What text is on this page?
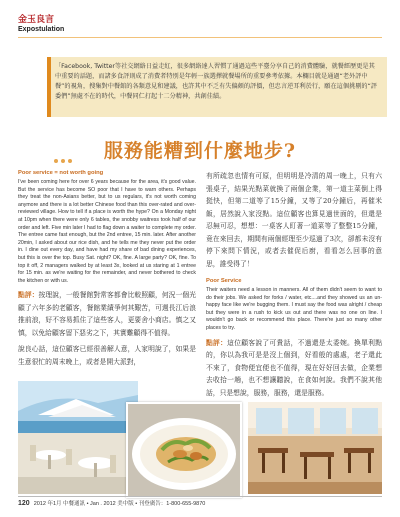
金玉良言
Expostulation
「Facebook, Twitter等社交網絡日益走紅，很多網絡達人習慣了通過這些平臺分享自己的消費體驗，就餐經歷更是其中重要的話題，而諸多食評則成了消費者特別是年輕一族選擇就餐場所的重要參考依據。本欄目就是通過“老外評中餐”的視角，搜集對中餐館的各類意見和建議，也許其中不乏有失偏頗的評價，但忠言逆耳利於行，願在這個挑剔的“評委們”無處不在的時代，中餐同仁打起十二分精神，共創佳績。
服務能糟到什麼地步?
Poor service = not worth going
I've been coming here for over 6 years because for the area, it's good value. But the service has become SO poor that I have to warn others. Perhaps they treat the non-Asians better, but to us regulars, it's not worth coming anymore and there is a lot better Chinese food than this over-rated and over-reviewed village. How to tell if a place is worth the hype? On a Monday night at 10pm when there were only 6 tables, the snobby waitress took half of our order and left. Five min later I had to flag down a waiter to complete my order. The entree came fast enough, but the 2nd entree, 15 min. later. After another 20min, I asked about our rice dish, and he tells me they never put the order in. I dine out every day, and have had my share of bad dining experiences, but this is over the top. Busy Sat. night? OK, fine. A large party? OK, fine. To top it off, 2 managers walked by at least 3x, looked at us staring at 1 entree for 15 min. as we're waiting for the remainder, and never bothered to check the kitchen or with us.
點評：按理說，一般餐館對常客都會比較照顧，何況一個光顧了六年多的老顧客，餐館業績爭何其艱苦，可週長江后浪推前浪，好不容易抓住了這些客人，更要舍小商店。慎之又慎，以免給顧客留下惡劣之下，其實難顧得不值得。
說良心話，這位顧客已經很善解人意，人家明說了，如果是生意很忙的周末晚上，或者是開大派對，
有所疏忽也情有可原，但明明是冷清的周一晚上，只有六張桌子，結果光點菜就換了兩個企業，第一道主菜倒上得挺快，但第二道等了15分鐘，又等了20分鐘后，再催米飯，居然說入家沒點。這位顧客也算見過世面的，但還是忍無可忍，想想：一桌客人盯著一道菜等了整整15分鐘，竟在來回去，期間有兩個經理至少巡過了3次，卻都未沒有停下來問下情況，或者去催促后廚，看看怎么回事的意思，誰受得了！
Poor Service
Their waiters need a lesson in manners. All of them didn't seem to want to do their jobs. We asked for forks / water, etc....and they showed us an un-happy face like we're bugging them. I must say the food was alright / cheap but they were in a rush to kick us out and there was no one on line. I wouldn't go back or recommend this place. There're just so many other places to try.
點評：這位顧客說了可貴話，不過還是太委婉。換單利點的，你以為我可是是沒上個到，好看般的處處，老子還此不來了，食物便宜便也不值得，現在好好回去做，企業想去收拾一趟，也不想讓聽說，在食如何說。我們不說其他話，只是想說，服務，服務，還是服務。
120 2012 年1月 中餐通訊 • Jan . 2012 美中版 • 刊登廣告：1-800-655-9870
